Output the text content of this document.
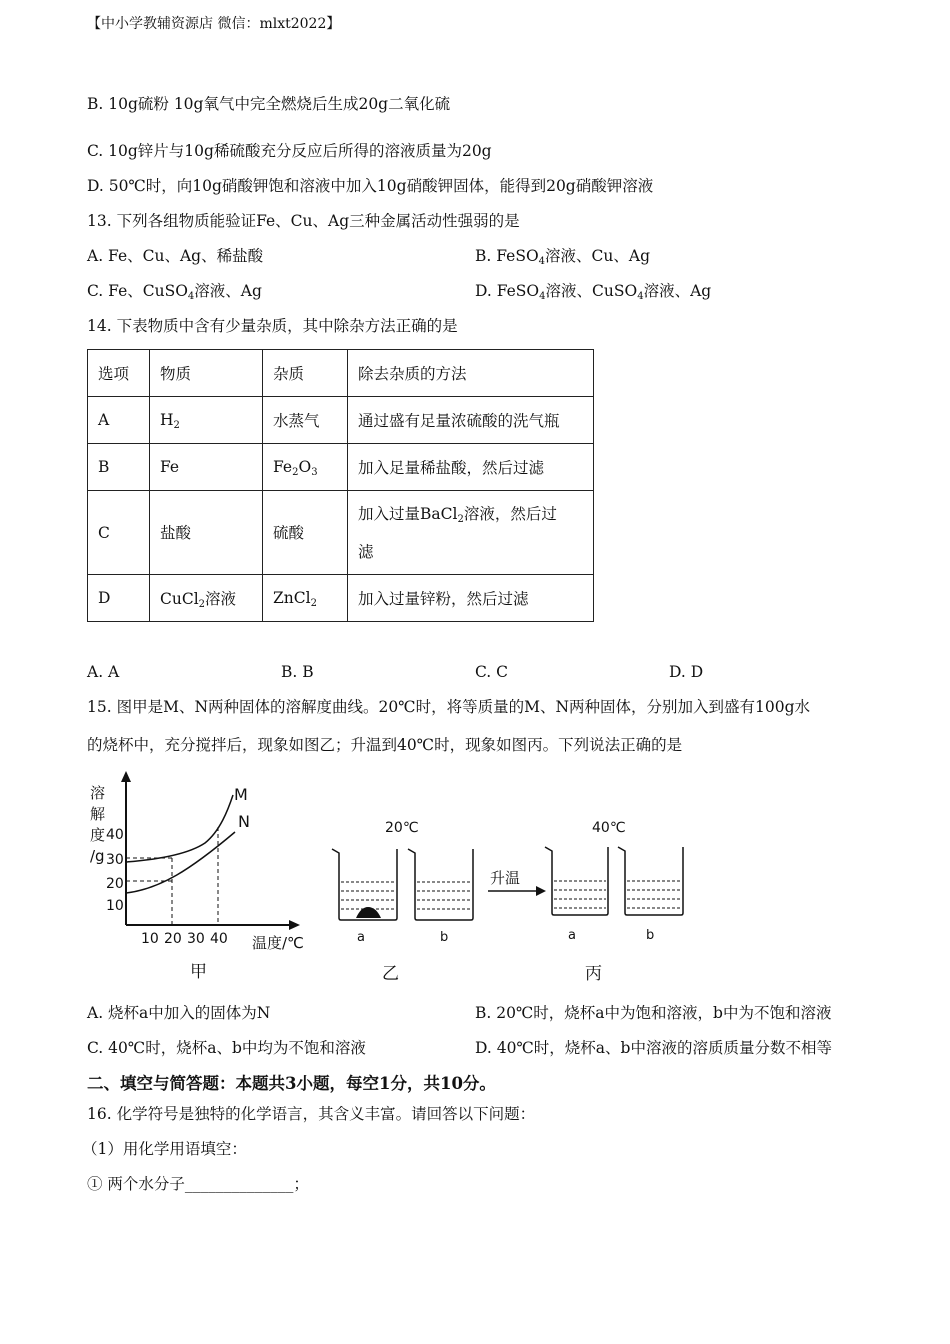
【中小学教辅资源店 微信：mlxt2022】
B. 10g硫粉 10g氧气中完全燃烧后生成20g二氧化硫
C. 10g锌片与10g稀硫酸充分反应后所得的溶液质量为20g
D. 50℃时，向10g硝酸钾饱和溶液中加入10g硝酸钾固体，能得到20g硝酸钾溶液
13. 下列各组物质能验证Fe、Cu、Ag三种金属活动性强弱的是
A. Fe、Cu、Ag、稀盐酸	B. FeSO$_4$溶液、Cu、Ag
C. Fe、CuSO$_4$溶液、Ag	D. FeSO$_4$溶液、CuSO$_4$溶液、Ag
14. 下表物质中含有少量杂质，其中除杂方法正确的是
选项	物质	杂质	除去杂质的方法
A	$H_2$	水蒸气	通过盛有足量浓硫酸的洗气瓶
B	Fe	$Fe_2O_3$	加入足量稀盐酸，然后过滤
C	盐酸	硫酸	加入过量BaCl$_2$溶液，然后过
滤
D	CuCl$_2$溶液	ZnCl$_2$	加入过量锌粉，然后过滤
A. A	B. B	C. C	D. D
15. 图甲是M、N两种固体的溶解度曲线。20℃时，将等质量的M、N两种固体，分别加入到盛有100g水
的烧杯中，充分搅拌后，现象如图乙；升温到40℃时，现象如图丙。下列说法正确的是
溶
解
度
/g
40
30
20
10
10 20 30 40 温度/℃
M
N
甲
20℃
a	b
乙
升温
40℃
a	b
丙
A. 烧杯a中加入的固体为N	B. 20℃时，烧杯a中为饱和溶液，b中为不饱和溶液
C. 40℃时，烧杯a、b中均为不饱和溶液	D. 40℃时，烧杯a、b中溶液的溶质质量分数不相等
二、填空与简答题：本题共3小题，每空1分，共10分。
16. 化学符号是独特的化学语言，其含义丰富。请回答以下问题：
（1）用化学用语填空：
① 两个水分子______________；
